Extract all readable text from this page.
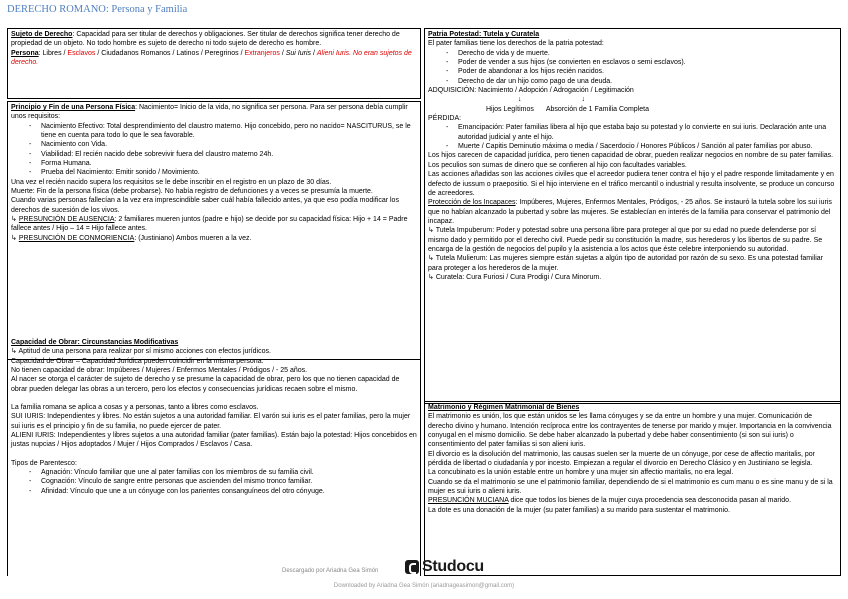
DERECHO ROMANO: Persona y Familia

Sujeto de Derecho: Capacidad para ser titular de derechos y obligaciones. Ser titular de derechos significa tener derecho de propiedad de un objeto. No todo hombre es sujeto de derecho ni todo sujeto de derecho es hombre.

Persona: Libres / Esclavos / Ciudadanos Romanos / Latinos / Peregrinos / Extranjeros / Sui Iuris / Alieni Iuris. No eran sujetos de derecho.

Principio y Fin de una Persona Física: Nacimiento= Inicio de la vida, no significa ser persona. Para ser persona debía cumplir unos requisitos:

- Nacimiento Efectivo: Total desprendimiento del claustro materno. Hijo concebido, pero no nacido= NASCITURUS, se le tiene en cuenta para todo lo que le sea favorable.

- Nacimiento con Vida.

- Viabilidad: El recién nacido debe sobrevivir fuera del claustro materno 24h.

- Forma Humana.

- Prueba del Nacimiento: Emitir sonido / Movimiento.

Una vez el recién nacido supera los requisitos se le debe inscribir en el registro en un plazo de 30 días.

Muerte: Fin de la persona física (debe probarse). No había registro de defunciones y a veces se presumía la muerte.

Cuando varias personas fallecían a la vez era imprescindible saber cuál había fallecido antes, ya que eso podía modificar los derechos de sucesión de los vivos.

↳ PRESUNCIÓN DE AUSENCIA: 2 familiares mueren juntos (padre e hijo) se decide por su capacidad física: Hijo + 14 = Padre fallece antes / Hijo – 14 = Hijo fallece antes.

↳ PRESUNCIÓN DE CONMORIENCIA: (Justiniano) Ambos mueren a la vez.

Capacidad de Obrar: Circunstancias Modificativas

↳ Aptitud de una persona para realizar por sí mismo acciones con efectos jurídicos.

Capacidad de Obrar – Capacidad Jurídica pueden coincidir en la misma persona.

No tienen capacidad de obrar: Impúberes / Mujeres / Enfermos Mentales / Pródigos / - 25 años.

Al nacer se otorga el carácter de sujeto de derecho y se presume la capacidad de obrar, pero los que no tienen capacidad de obrar pueden delegar las obras a un tercero, pero los efectos y consecuencias jurídicas recaen sobre el mismo.

La familia romana se aplica a cosas y a personas, tanto a libres como esclavos.

SUI IURIS: Independientes y libres. No están sujetos a una autoridad familiar. El varón sui iuris es el pater familias, pero la mujer sui iuris es el principio y fin de su familia, no puede ejercer de pater.

ALIENI IURIS: Independientes y libres sujetos a una autoridad familiar (pater familias). Están bajo la potestad: Hijos concebidos en justas nupcias / Hijos adoptados / Mujer / Hijos Comprados / Esclavos / Casa.

Tipos de Parentesco:

- Agnación: Vínculo familiar que une al pater familias con los miembros de su familia civil.

- Cognación: Vínculo de sangre entre personas que ascienden del mismo tronco familiar.

- Afinidad: Vínculo que une a un cónyuge con los parientes consanguíneos del otro cónyuge.

Patria Potestad: Tutela y Curatela

El pater familias tiene los derechos de la patria potestad:

- Derecho de vida y de muerte.

- Poder de vender a sus hijos (se convierten en esclavos o semi esclavos).

- Poder de abandonar a los hijos recién nacidos.

- Derecho de dar un hijo como pago de una deuda.

ADQUISICIÓN: Nacimiento / Adopción / Adrogación / Legitimación

↓	↓
Hijos Legítimos Absorción de 1 Familia Completa

PÉRDIDA:

- Emancipación: Pater familias libera al hijo que estaba bajo su potestad y lo convierte en sui iuris. Declaración ante una autoridad judicial y ante el hijo.

- Muerte / Capitis Deminutio máxima o media / Sacerdocio / Honores Públicos / Sanción al pater familias por abuso.

Los hijos carecen de capacidad jurídica, pero tienen capacidad de obrar, pueden realizar negocios en nombre de su pater familias.

Los peculios son sumas de dinero que se confieren al hijo con facultades variables.

Las acciones añadidas son las acciones civiles que el acreedor pudiera tener contra el hijo y el padre responde limitadamente y en defecto de iussum o praepositio. Si el hijo interviene en el tráfico mercantil o industrial y resulta insolvente, se produce un concurso de acreedores.

Protección de los Incapaces: Impúberes, Mujeres, Enfermos Mentales, Pródigos, - 25 años. Se instauró la tutela sobre los sui iuris que no habían alcanzado la pubertad y sobre las mujeres. Se establecían en interés de la familia para conservar el patrimonio del incapaz.

↳ Tutela Impuberum: Poder y potestad sobre una persona libre para proteger al que por su edad no puede defenderse por sí mismo dado y permitido por el derecho civil. Puede pedir su constitución la madre, sus herederos y los libertos de su padre. Se encarga de la gestión de negocios del pupilo y la asistencia a los actos que éste celebre interponiendo su autoridad.

↳ Tutela Mulierum: Las mujeres siempre están sujetas a algún tipo de autoridad por razón de su sexo. Es una potestad familiar para proteger a los herederos de la mujer.

↳ Curatela: Cura Furiosi / Cura Prodigi / Cura Minorum.

Matrimonio y Régimen Matrimonial de Bienes

El matrimonio es unión, los que están unidos se les llama cónyuges y se da entre un hombre y una mujer. Comunicación de derecho divino y humano. Intención recíproca entre los contrayentes de tenerse por marido y mujer. Importancia en la convivencia conyugal en el mismo domicilio. Se debe haber alcanzado la pubertad y debe haber consentimiento (si son sui iuris) o consentimiento del pater familias si son alieni iuris.

El divorcio es la disolución del matrimonio, las causas suelen ser la muerte de un cónyuge, por cese de affectio maritalis, por pérdida de libertad o ciudadanía y por incesto. Empiezan a regular el divorcio en Derecho Clásico y en Justiniano se legisla.

La concubinato es la unión estable entre un hombre y una mujer sin affectio maritalis, no era legal.

Cuando se da el matrimonio se une el patrimonio familiar, dependiendo de si el matrimonio es cum manu o es sine manu y de si la mujer es sui iuris o alieni iuris.

PRESUNCIÓN MUCIANA dice que todos los bienes de la mujer cuya procedencia sea desconocida pasan al marido.

La dote es una donación de la mujer (su pater familias) a su marido para sustentar el matrimonio.

Descargado por Ariadna Gea Simón	Studocu
Downloaded by Ariadna Gea Simón (ariadnageasimon@gmail.com)
